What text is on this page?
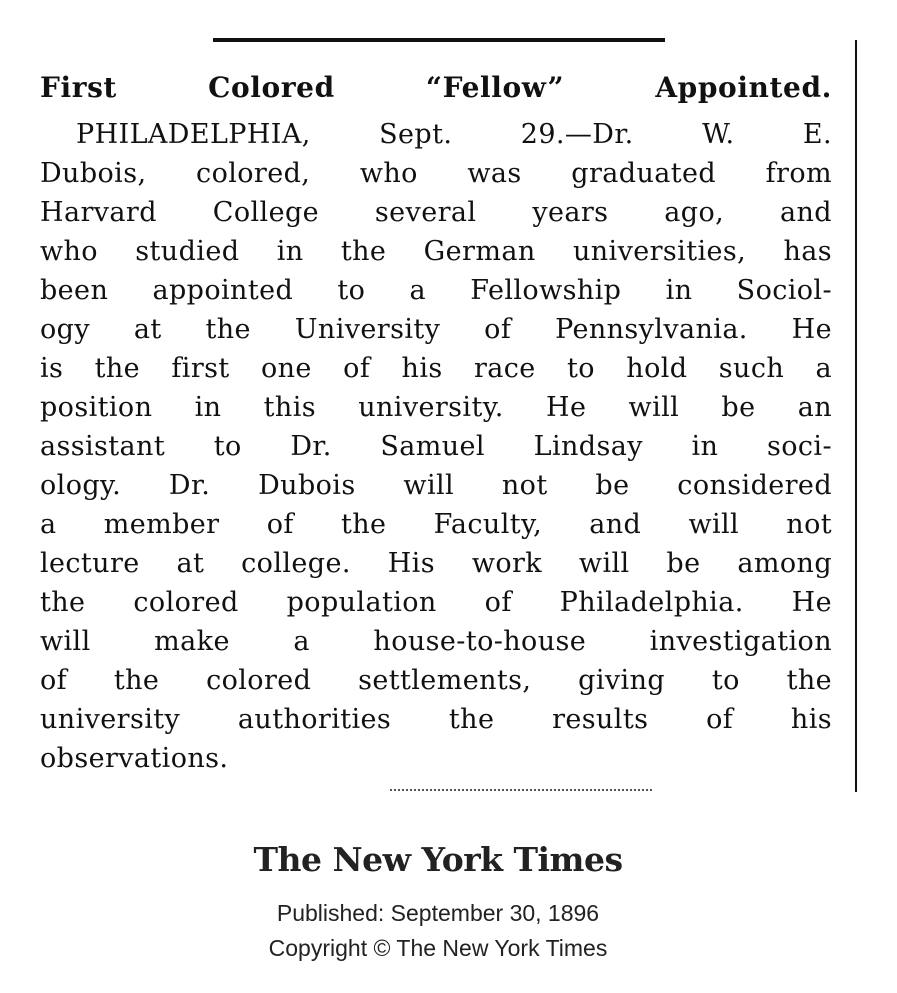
First Colored “Fellow” Appointed.
PHILADELPHIA, Sept. 29.—Dr. W. E.
Dubois, colored, who was graduated from
Harvard College several years ago, and
who studied in the German universities, has
been appointed to a Fellowship in Sociol-
ogy at the University of Pennsylvania. He
is the first one of his race to hold such a
position in this university. He will be an
assistant to Dr. Samuel Lindsay in soci-
ology. Dr. Dubois will not be considered
a member of the Faculty, and will not
lecture at college. His work will be among
the colored population of Philadelphia. He
will make a house-to-house investigation
of the colored settlements, giving to the
university authorities the results of his
observations.
The New York Times
Published: September 30, 1896
Copyright © The New York Times
